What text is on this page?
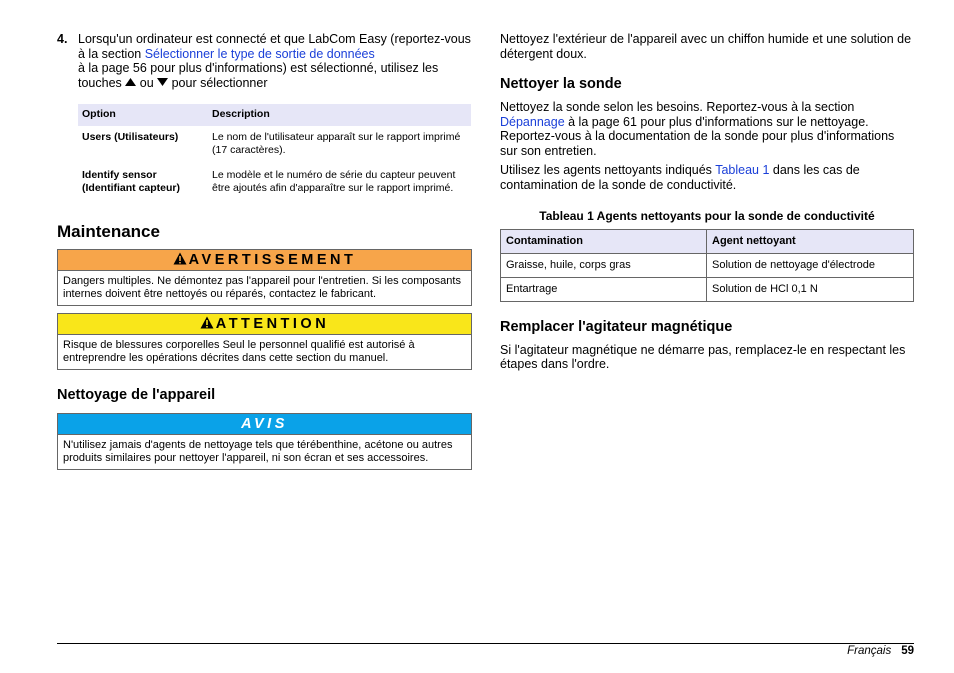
4. Lorsqu'un ordinateur est connecté et que LabCom Easy (reportez-vous à la section Sélectionner le type de sortie de données
à la page 56 pour plus d'informations) est sélectionné, utilisez les touches  ou  pour sélectionner

Option	Description
Users (Utilisateurs)	Le nom de l'utilisateur apparaît sur le rapport imprimé (17 caractères).
Identify sensor (Identifiant capteur)	Le modèle et le numéro de série du capteur peuvent être ajoutés afin d'apparaître sur le rapport imprimé.
Maintenance
AVERTISSEMENT
Dangers multiples. Ne démontez pas l'appareil pour l'entretien. Si les composants internes doivent être nettoyés ou réparés, contactez le fabricant.
ATTENTION
Risque de blessures corporelles Seul le personnel qualifié est autorisé à entreprendre les opérations décrites dans cette section du manuel.
Nettoyage de l'appareil
AVIS
N'utilisez jamais d'agents de nettoyage tels que térébenthine, acétone ou autres produits similaires pour nettoyer l'appareil, ni son écran et ses accessoires.

Nettoyez l'extérieur de l'appareil avec un chiffon humide et une solution de détergent doux.

Nettoyer la sonde

Nettoyez la sonde selon les besoins. Reportez-vous à la section
Dépannage à la page 61 pour plus d'informations sur le nettoyage. Reportez-vous à la documentation de la sonde pour plus d'informations sur son entretien.

Utilisez les agents nettoyants indiqués Tableau 1 dans les cas de contamination de la sonde de conductivité.

Tableau 1 Agents nettoyants pour la sonde de conductivité
Contamination	Agent nettoyant
Graisse, huile, corps gras	Solution de nettoyage d'électrode
Entartrage	Solution de HCl 0,1 N
Remplacer l'agitateur magnétique

Si l'agitateur magnétique ne démarre pas, remplacez-le en respectant les étapes dans l'ordre.

Français 59
